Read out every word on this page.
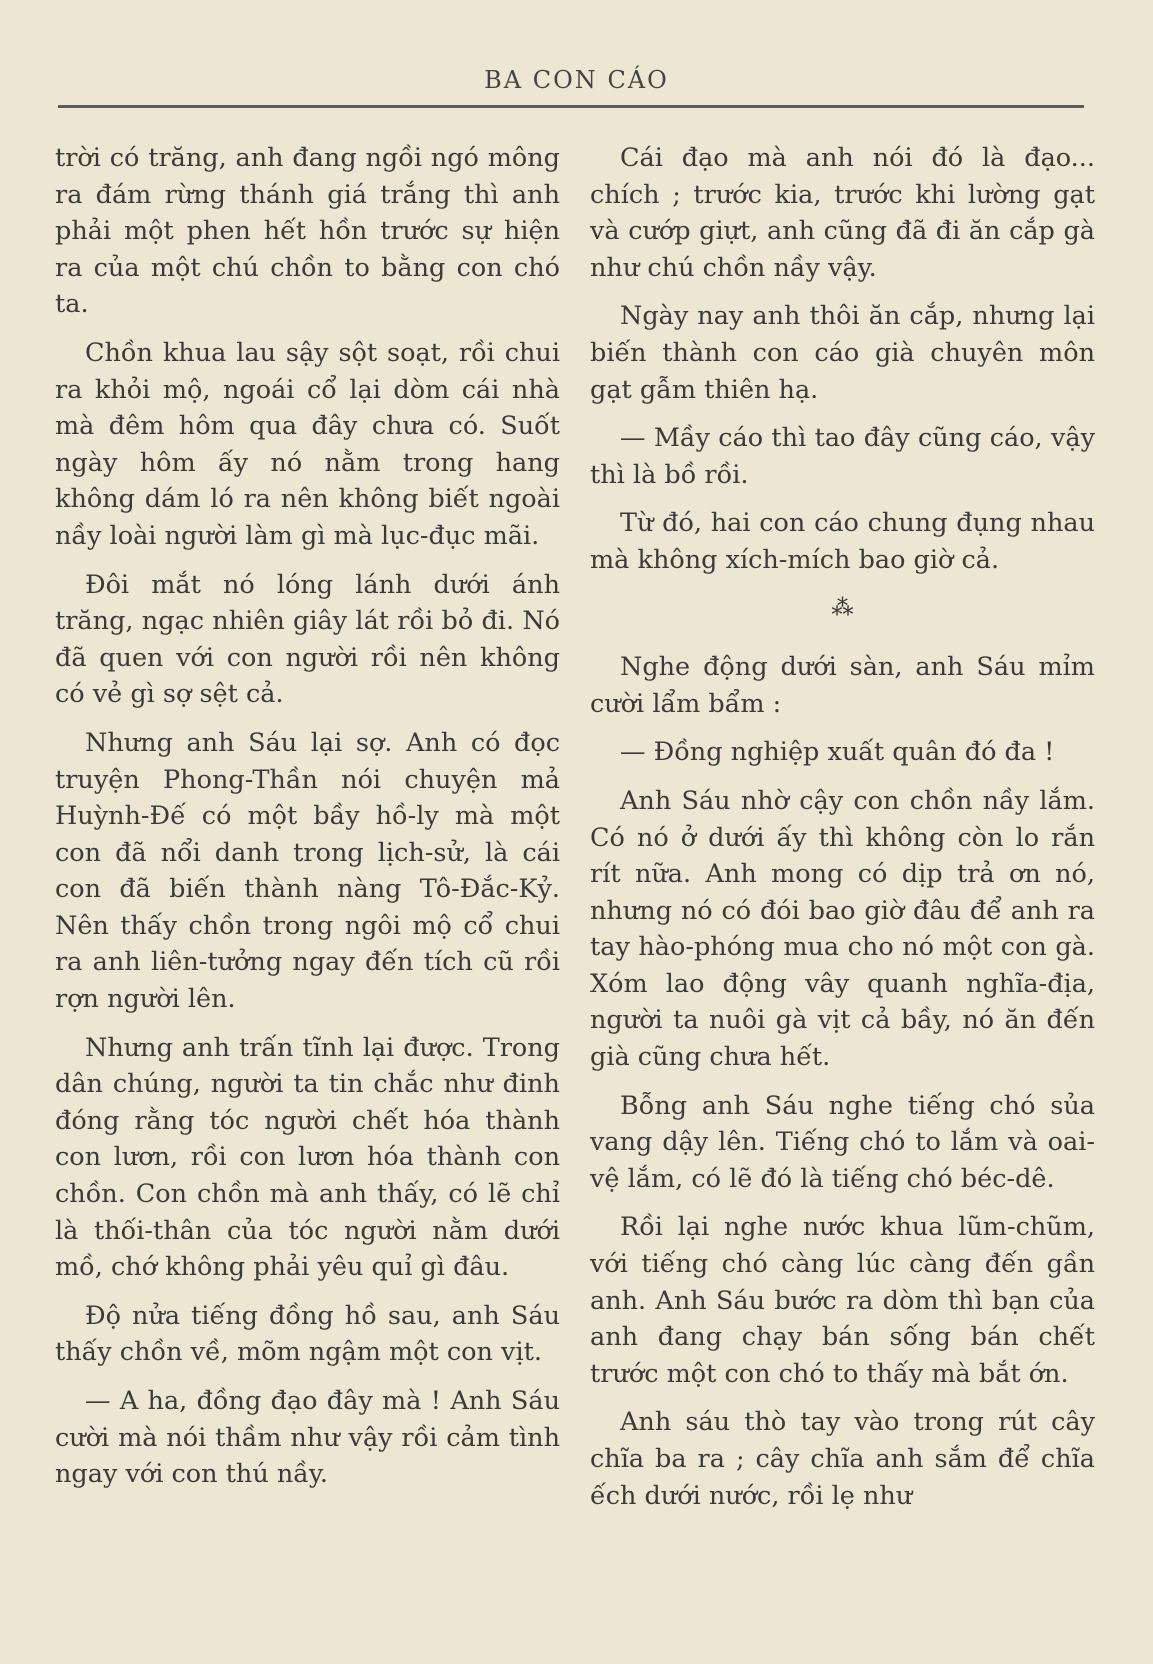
BA CON CÁO

trời có trăng, anh đang ngồi ngó mông ra đám rừng thánh giá trắng thì anh phải một phen hết hồn trước sự hiện ra của một chú chồn to bằng con chó ta.

Chồn khua lau sậy sột soạt, rồi chui ra khỏi mộ, ngoái cổ lại dòm cái nhà mà đêm hôm qua đây chưa có. Suốt ngày hôm ấy nó nằm trong hang không dám ló ra nên không biết ngoài nầy loài người làm gì mà lục-đục mãi.

Đôi mắt nó lóng lánh dưới ánh trăng, ngạc nhiên giây lát rồi bỏ đi. Nó đã quen với con người rồi nên không có vẻ gì sợ sệt cả.

Nhưng anh Sáu lại sợ. Anh có đọc truyện Phong-Thần nói chuyện mả Huỳnh-Đế có một bầy hồ-ly mà một con đã nổi danh trong lịch-sử, là cái con đã biến thành nàng Tô-Đắc-Kỷ. Nên thấy chồn trong ngôi mộ cổ chui ra anh liên-tưởng ngay đến tích cũ rồi rợn người lên.

Nhưng anh trấn tĩnh lại được. Trong dân chúng, người ta tin chắc như đinh đóng rằng tóc người chết hóa thành con lươn, rồi con lươn hóa thành con chồn. Con chồn mà anh thấy, có lẽ chỉ là thối-thân của tóc người nằm dưới mồ, chớ không phải yêu quỉ gì đâu.

Độ nửa tiếng đồng hồ sau, anh Sáu thấy chồn về, mõm ngậm một con vịt.

— A ha, đồng đạo đây mà ! Anh Sáu cười mà nói thầm như vậy rồi cảm tình ngay với con thú nầy.

Cái đạo mà anh nói đó là đạo... chích ; trước kia, trước khi lường gạt và cướp giựt, anh cũng đã đi ăn cắp gà như chú chồn nầy vậy.

Ngày nay anh thôi ăn cắp, nhưng lại biến thành con cáo già chuyên môn gạt gẫm thiên hạ.

— Mầy cáo thì tao đây cũng cáo, vậy thì là bồ rồi.

Từ đó, hai con cáo chung đụng nhau mà không xích-mích bao giờ cả.

⁂

Nghe động dưới sàn, anh Sáu mỉm cười lẩm bẩm :

— Đồng nghiệp xuất quân đó đa !

Anh Sáu nhờ cậy con chồn nầy lắm. Có nó ở dưới ấy thì không còn lo rắn rít nữa. Anh mong có dịp trả ơn nó, nhưng nó có đói bao giờ đâu để anh ra tay hào-phóng mua cho nó một con gà. Xóm lao động vây quanh nghĩa-địa, người ta nuôi gà vịt cả bầy, nó ăn đến già cũng chưa hết.

Bỗng anh Sáu nghe tiếng chó sủa vang dậy lên. Tiếng chó to lắm và oai-vệ lắm, có lẽ đó là tiếng chó béc-dê.

Rồi lại nghe nước khua lũm-chũm, với tiếng chó càng lúc càng đến gần anh. Anh Sáu bước ra dòm thì bạn của anh đang chạy bán sống bán chết trước một con chó to thấy mà bắt ớn.

Anh sáu thò tay vào trong rút cây chĩa ba ra ; cây chĩa anh sắm để chĩa ếch dưới nước, rồi lẹ như
